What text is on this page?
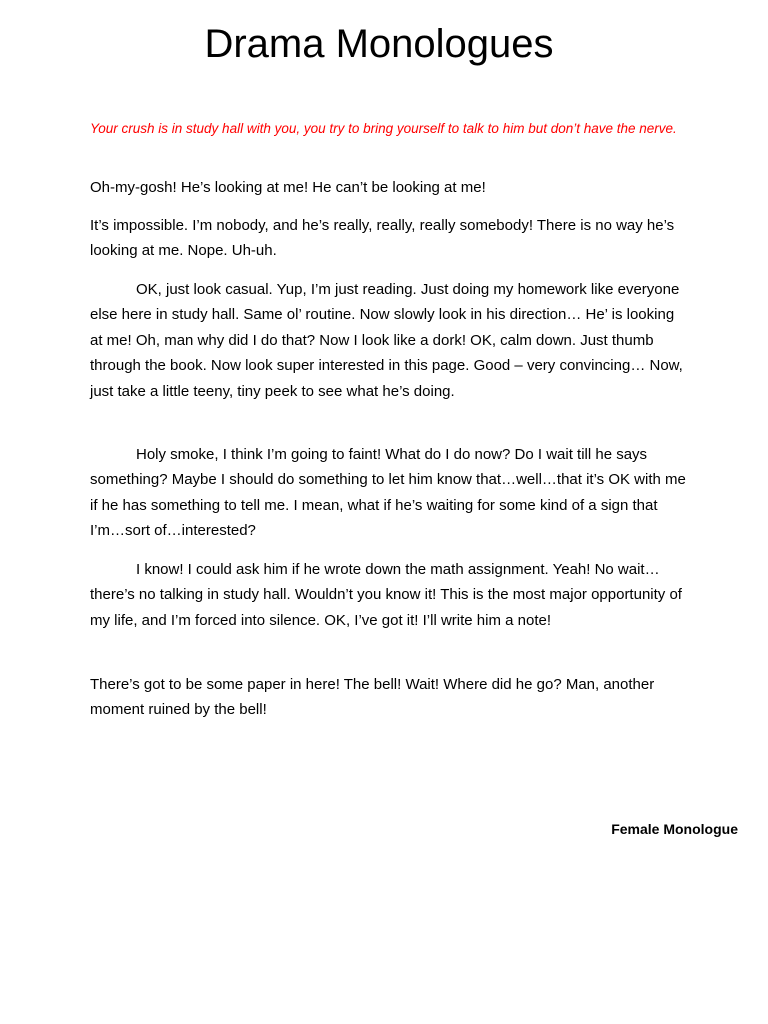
Drama Monologues

Your crush is in study hall with you, you try to bring yourself to talk to him but don’t have the nerve.

Oh-my-gosh! He’s looking at me! He can’t be looking at me!

It’s impossible. I’m nobody, and he’s really, really, really somebody! There is no way he’s looking at me. Nope. Uh-uh.

OK, just look casual. Yup, I’m just reading. Just doing my homework like everyone else here in study hall. Same ol’ routine. Now slowly look in his direction… He’ is looking at me! Oh, man why did I do that? Now I look like a dork! OK, calm down. Just thumb through the book. Now look super interested in this page. Good – very convincing… Now, just take a little teeny, tiny peek to see what he’s doing.

Holy smoke, I think I’m going to faint! What do I do now? Do I wait till he says something? Maybe I should do something to let him know that…well…that it’s OK with me if he has something to tell me. I mean, what if he’s waiting for some kind of a sign that I’m…sort of…interested?

I know! I could ask him if he wrote down the math assignment. Yeah! No wait…there’s no talking in study hall. Wouldn’t you know it! This is the most major opportunity of my life, and I’m forced into silence. OK, I’ve got it! I’ll write him a note!

There’s got to be some paper in here! The bell! Wait! Where did he go? Man, another moment ruined by the bell!

Female Monologue
